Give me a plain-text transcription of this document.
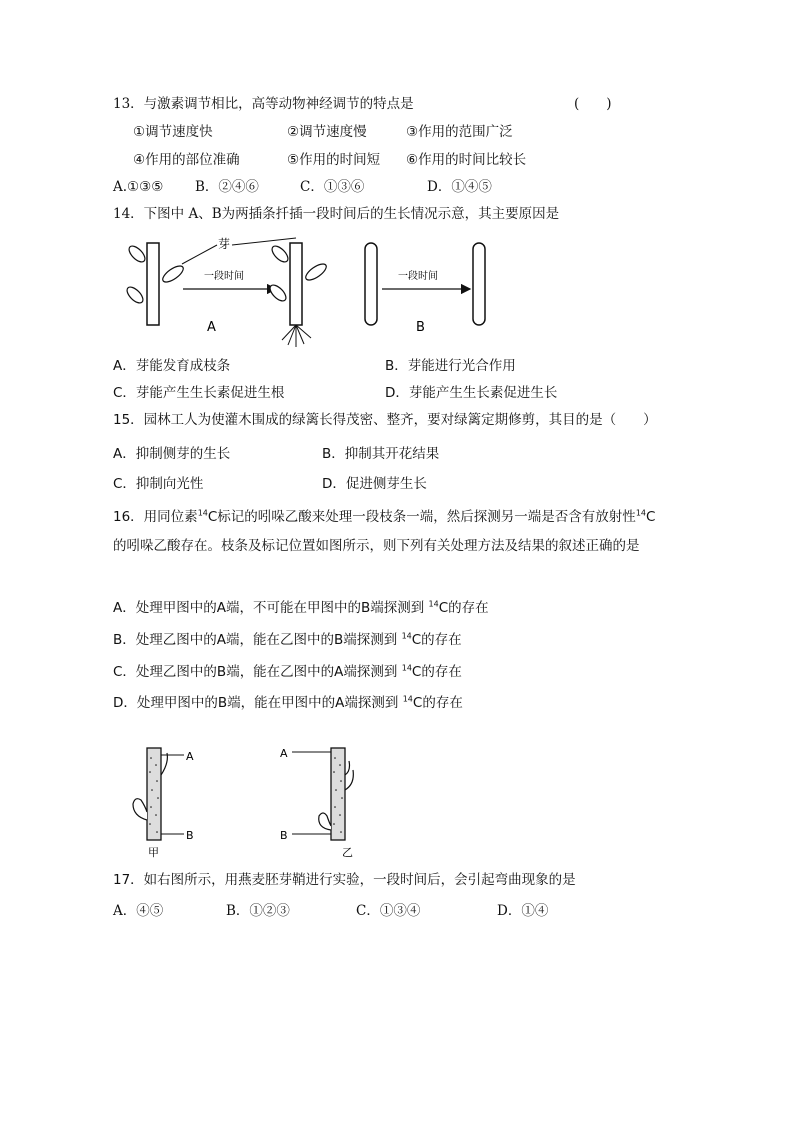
13．与激素调节相比，高等动物神经调节的特点是	(　　)
①调节速度快	②调节速度慢	③作用的范围广泛
④作用的部位准确	⑤作用的时间短 ⑥作用的时间比较长
A.①③⑤ B．②④⑥	C．①③⑥	D．①④⑤
14．下图中 A、B为两插条扦插一段时间后的生长情况示意，其主要原因是
一段时间
芽
A
一段时间
B
A
B
甲
A
B
乙
A．芽能发育成枝条	B．芽能进行光合作用
C．芽能产生生长素促进生根	D．芽能产生生长素促进生长
15．园林工人为使灌木围成的绿篱长得茂密、整齐，要对绿篱定期修剪，其目的是（　　）
A．抑制侧芽的生长	B．抑制其开花结果
C．抑制向光性	D．促进侧芽生长
16．用同位素$^{14}$C标记的吲哚乙酸来处理一段枝条一端，然后探测另一端是否含有放射性$^{14}$C
的吲哚乙酸存在。枝条及标记位置如图所示，则下列有关处理方法及结果的叙述正确的是
A．处理甲图中的A端，不可能在甲图中的B端探测到 $^{14}$C的存在
B．处理乙图中的A端，能在乙图中的B端探测到 $^{14}$C的存在
C．处理乙图中的B端，能在乙图中的A端探测到 $^{14}$C的存在
D．处理甲图中的B端，能在甲图中的A端探测到 $^{14}$C的存在
17．如右图所示，用燕麦胚芽鞘进行实验，一段时间后，会引起弯曲现象的是
A．④⑤	B．①②③	C．①③④	D．①④
